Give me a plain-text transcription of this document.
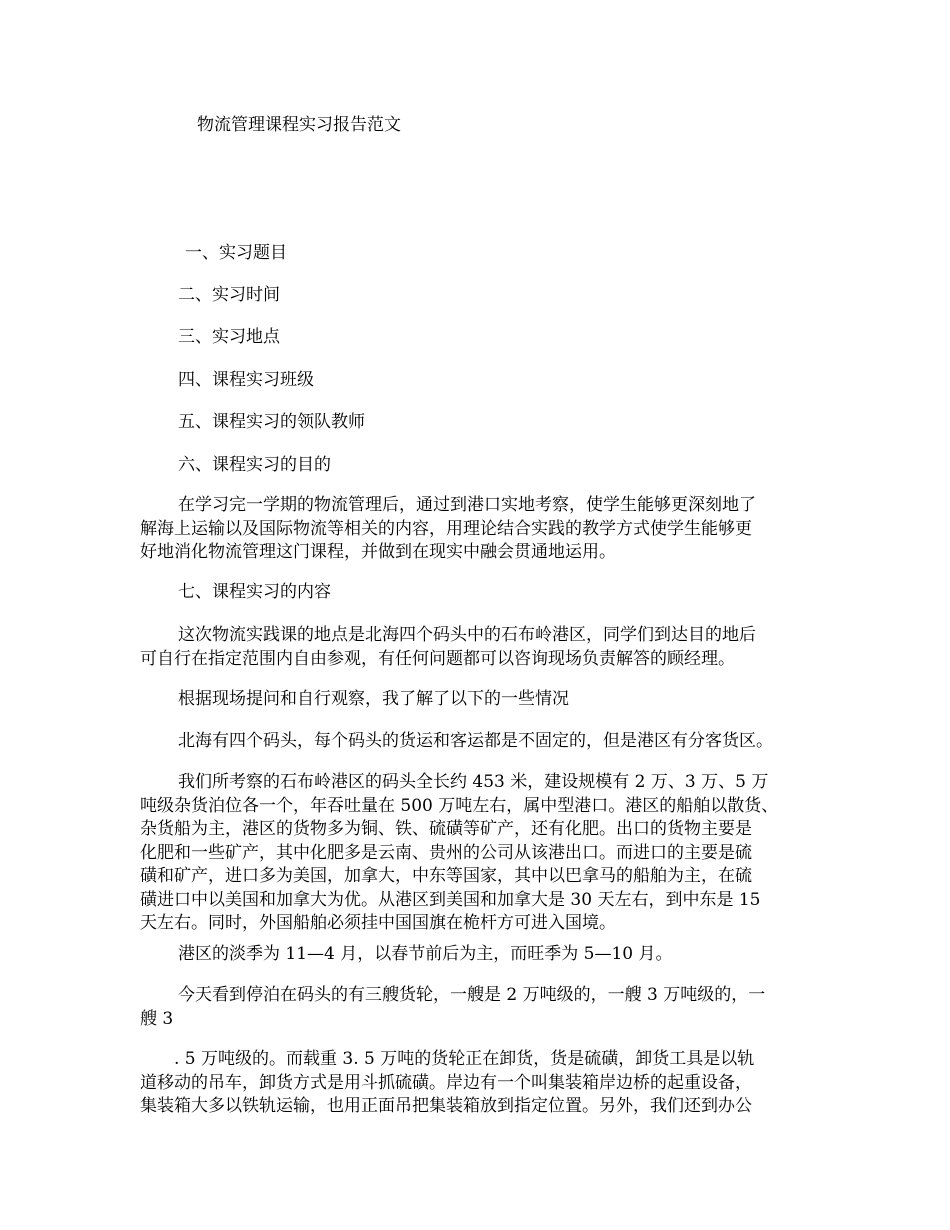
物流管理课程实习报告范文
一、实习题目
二、实习时间
三、实习地点
四、课程实习班级
五、课程实习的领队教师
六、课程实习的目的
在学习完一学期的物流管理后，通过到港口实地考察，使学生能够更深刻地了
解海上运输以及国际物流等相关的内容，用理论结合实践的教学方式使学生能够更
好地消化物流管理这门课程，并做到在现实中融会贯通地运用。
七、课程实习的内容
这次物流实践课的地点是北海四个码头中的石布岭港区，同学们到达目的地后
可自行在指定范围内自由参观，有任何问题都可以咨询现场负责解答的顾经理。
根据现场提问和自行观察，我了解了以下的一些情况
北海有四个码头，每个码头的货运和客运都是不固定的，但是港区有分客货区。
我们所考察的石布岭港区的码头全长约 453 米，建设规模有 2 万、3 万、5 万
吨级杂货泊位各一个，年吞吐量在 500 万吨左右，属中型港口。港区的船舶以散货、
杂货船为主，港区的货物多为铜、铁、硫磺等矿产，还有化肥。出口的货物主要是
化肥和一些矿产，其中化肥多是云南、贵州的公司从该港出口。而进口的主要是硫
磺和矿产，进口多为美国，加拿大，中东等国家，其中以巴拿马的船舶为主，在硫
磺进口中以美国和加拿大为优。从港区到美国和加拿大是 30 天左右，到中东是 15
天左右。同时，外国船舶必须挂中国国旗在桅杆方可进入国境。
港区的淡季为 11—4 月，以春节前后为主，而旺季为 5—10 月。
今天看到停泊在码头的有三艘货轮，一艘是 2 万吨级的，一艘 3 万吨级的，一
艘 3
. 5 万吨级的。而载重 3. 5 万吨的货轮正在卸货，货是硫磺，卸货工具是以轨
道移动的吊车，卸货方式是用斗抓硫磺。岸边有一个叫集装箱岸边桥的起重设备，
集装箱大多以铁轨运输，也用正面吊把集装箱放到指定位置。另外，我们还到办公
